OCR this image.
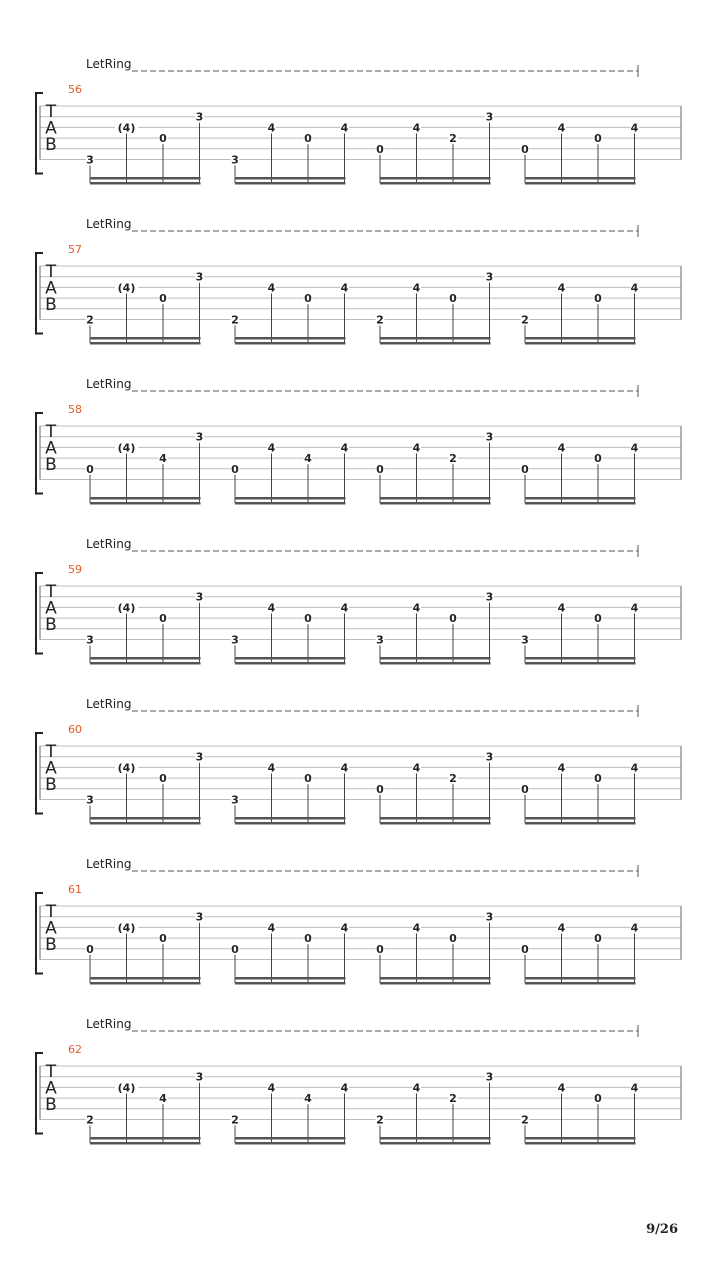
LetRing
56
T
A
B
3
(4)
0
3
3
4
0
4
0
4
2
3
0
4
0
4
LetRing
57
T
A
B
2
(4)
0
3
2
4
0
4
2
4
0
3
2
4
0
4
LetRing
58
T
A
B	0
(4)
4
3
0
4
4
4
0
4
2
3
0
4
0
4
LetRing
59
T
A
B
3
(4)
0
3
3
4
0
4
3
4
0
3
3
4
0
4
LetRing
60
T
A
B
3
(4)
0
3
3
4
0
4
0
4
2
3
0
4
0
4
LetRing
61
T
A
B	0
(4)
0
3
0
4
0
4
0
4
0
3
0
4
0
4
LetRing
62
T
A
B
2
(4)
4
3
2
4
4
4
2
4
2
3
2
4
0
4
9/26
